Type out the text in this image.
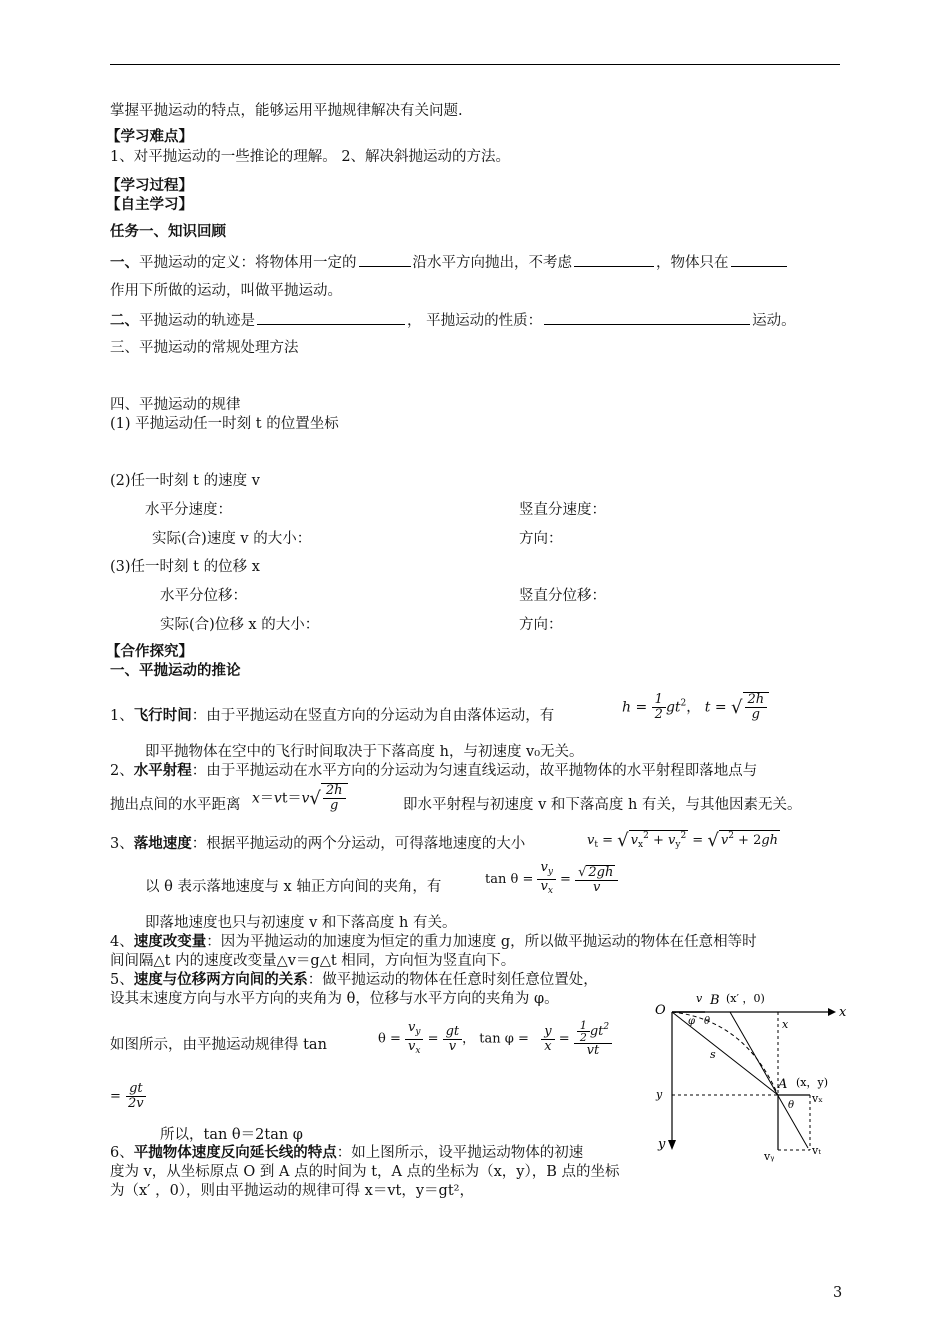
掌握平抛运动的特点，能够运用平抛规律解决有关问题.
【学习难点】
1、对平抛运动的一些推论的理解。 2、解决斜抛运动的方法。
【学习过程】
【自主学习】
任务一、知识回顾
一、平抛运动的定义：将物体用一定的	沿水平方向抛出，不考虑	，物体只在
作用下所做的运动，叫做平抛运动。
二、平抛运动的轨迹是	， 平抛运动的性质：	运动。
三、平抛运动的常规处理方法
四、平抛运动的规律
(1) 平抛运动任一时刻 t 的位置坐标
(2)任一时刻 t 的速度 v
水平分速度：	竖直分速度：
实际(合)速度 v 的大小：	方向：
(3)任一时刻 t 的位移 x
水平分位移：	竖直分位移：
实际(合)位移 x 的大小：	方向：
【合作探究】
一、平抛运动的推论
1、飞行时间：由于平抛运动在竖直方向的分运动为自由落体运动，有
$h = \frac{1}{2} gt^2$， t = √ $\frac{2h}{g}$
即平抛物体在空中的飞行时间取决于下落高度 h，与初速度 v₀无关。
2、水平射程：由于平抛运动在水平方向的分运动为匀速直线运动，故平抛物体的水平射程即落地点与
抛出点间的水平距离 $x=vt=v√ \frac{2h}{g}$	即水平射程与初速度 v 和下落高度 h 有关，与其他因素无关。
3、落地速度：根据平抛运动的两个分运动，可得落地速度的大小	$v_t$ = √ $v_x^2 + v_y^2$ = √ $v^2 + 2gh$
以 θ 表示落地速度与 x 轴正方向间的夹角，有	$\tan \theta = \frac{v_y}{v_x} = \frac{√ 2gh}{v}$
即落地速度也只与初速度 v 和下落高度 h 有关。
4、速度改变量：因为平抛运动的加速度为恒定的重力加速度 g，所以做平抛运动的物体在任意相等时
间间隔△t 内的速度改变量△v＝g△t 相同，方向恒为竖直向下。
5、速度与位移两方向间的关系：做平抛运动的物体在任意时刻任意位置处，
设其末速度方向与水平方向的夹角为 θ，位移与水平方向的夹角为 φ。
如图所示，由平抛运动规律得 tan	$\theta = \frac{v_y}{v_x} = \frac{gt}{v}$ ， $\tan \varphi = \frac{y}{x} = \frac{\frac{1}{2} gt^2}{vt}$
= $\frac{gt}{2v}$
所以，tan θ＝2tan φ
6、平抛物体速度反向延长线的特点：如上图所示，设平抛运动物体的初速
度为 v，从坐标原点 O 到 A 点的时间为 t，A 点的坐标为（x，y），B 点的坐标
为（x′ ，0），则由平抛运动的规律可得 x＝vt，y＝gt²，
O	x
y
v B (x′ ，0)
x
s
A (x，y)
y	vₓ
vᵧ	vₜ
θ
φ θ
3
